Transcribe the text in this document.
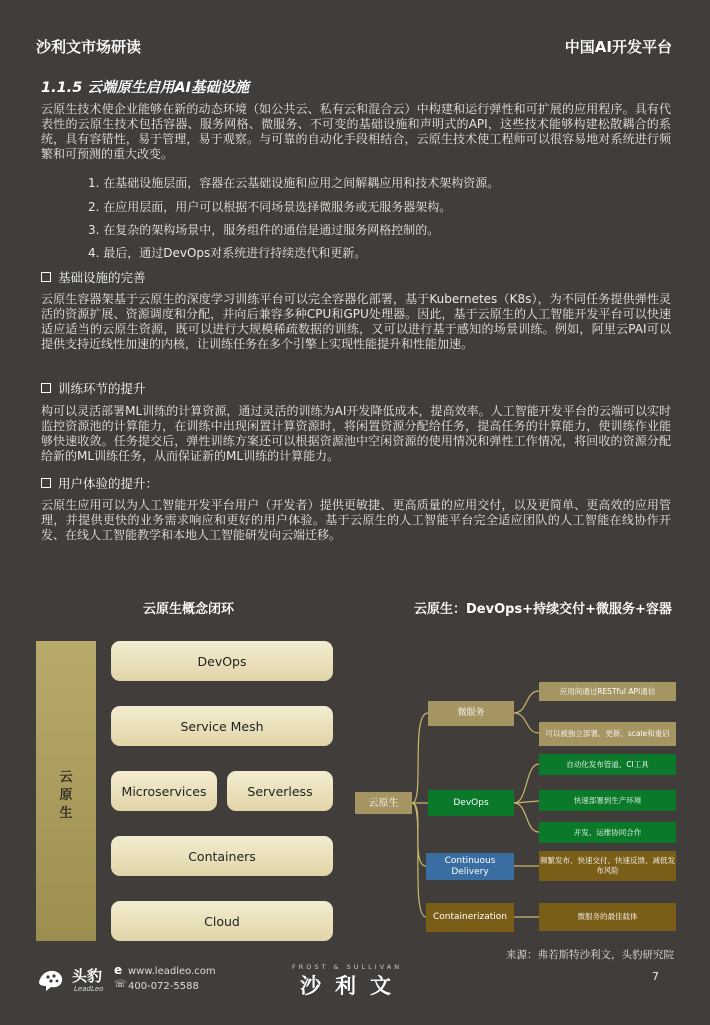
沙利文市场研读	中国AI开发平台
1.1.5 云端原生启用AI基础设施

云原生技术使企业能够在新的动态环境（如公共云、私有云和混合云）中构建和运行弹性和可扩展的应用程序。具有代表性的云原生技术包括容器、服务网格、微服务、不可变的基础设施和声明式的API，这些技术能够构建松散耦合的系统，具有容错性，易于管理，易于观察。与可靠的自动化手段相结合，云原生技术使工程师可以很容易地对系统进行频繁和可预测的重大改变。

1. 在基础设施层面，容器在云基础设施和应用之间解耦应用和技术架构资源。
2. 在应用层面，用户可以根据不同场景选择微服务或无服务器架构。
3. 在复杂的架构场景中，服务组件的通信是通过服务网格控制的。
4. 最后，通过DevOps对系统进行持续迭代和更新。
基础设施的完善

云原生容器架基于云原生的深度学习训练平台可以完全容器化部署，基于Kubernetes（K8s），为不同任务提供弹性灵活的资源扩展、资源调度和分配，并向后兼容多种CPU和GPU处理器。因此，基于云原生的人工智能开发平台可以快速适应适当的云原生资源，既可以进行大规模稀疏数据的训练，又可以进行基于感知的场景训练。例如，阿里云PAI可以提供支持近线性加速的内核，让训练任务在多个引擎上实现性能提升和性能加速。

训练环节的提升

构可以灵活部署ML训练的计算资源，通过灵活的训练为AI开发降低成本，提高效率。人工智能开发平台的云端可以实时监控资源池的计算能力，在训练中出现闲置计算资源时，将闲置资源分配给任务，提高任务的计算能力，使训练作业能够快速收敛。任务提交后，弹性训练方案还可以根据资源池中空闲资源的使用情况和弹性工作情况，将回收的资源分配给新的ML训练任务，从而保证新的ML训练的计算能力。

用户体验的提升：

云原生应用可以为人工智能开发平台用户（开发者）提供更敏捷、更高质量的应用交付，以及更简单、更高效的应用管理，并提供更快的业务需求响应和更好的用户体验。基于云原生的人工智能平台完全适应团队的人工智能在线协作开发、在线人工智能教学和本地人工智能研发向云端迁移。

云原生概念闭环
云
原
生
DevOps
Service Mesh
Microservices	Serverless
Containers
Cloud
云原生：DevOps+持续交付+微服务+容器
云原生
微服务
DevOps
Continuous Delivery
Containerization
应用间通过RESTful API通信
可以被独立部署、更新、scale和重启
自动化发布管道、CI工具
快速部署到生产环境
开发、运维协同合作
频繁发布、快速交付、快速反馈、减低发布风险
微服务的最佳载体
来源：弗若斯特沙利文，头豹研究院
头豹
LeadLeo
e www.leadleo.com
☏ 400-072-5588
FROST & SULLIVAN
沙利文	7
